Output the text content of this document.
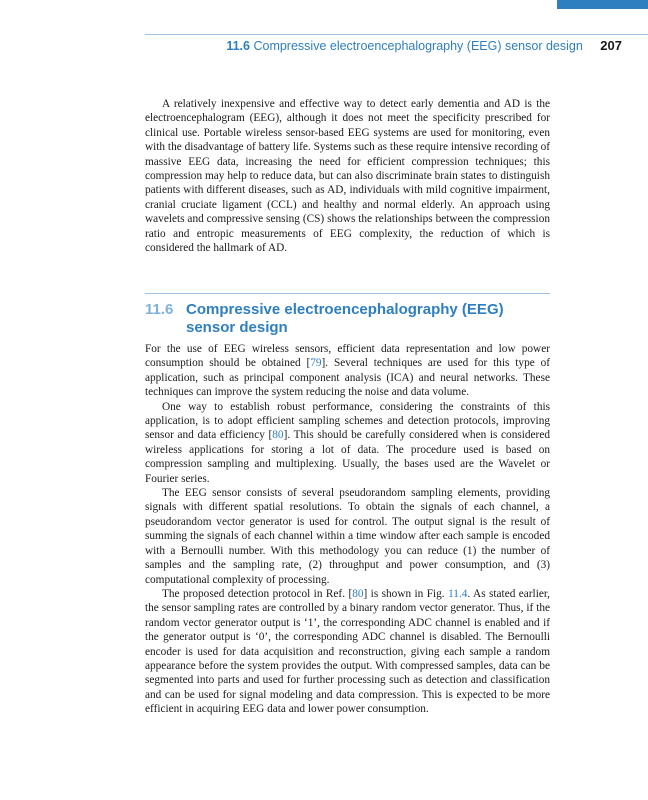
11.6 Compressive electroencephalography (EEG) sensor design 207

A relatively inexpensive and effective way to detect early dementia and AD is the electroencephalogram (EEG), although it does not meet the specificity prescribed for clinical use. Portable wireless sensor-based EEG systems are used for monitoring, even with the disadvantage of battery life. Systems such as these require intensive recording of massive EEG data, increasing the need for efficient compression techniques; this compression may help to reduce data, but can also discriminate brain states to distinguish patients with different diseases, such as AD, individuals with mild cognitive impairment, cranial cruciate ligament (CCL) and healthy and normal elderly. An approach using wavelets and compressive sensing (CS) shows the relationships between the compression ratio and entropic measurements of EEG complexity, the reduction of which is considered the hallmark of AD.

11.6 Compressive electroencephalography (EEG) sensor design

For the use of EEG wireless sensors, efficient data representation and low power consumption should be obtained [79]. Several techniques are used for this type of application, such as principal component analysis (ICA) and neural networks. These techniques can improve the system reducing the noise and data volume.

One way to establish robust performance, considering the constraints of this application, is to adopt efficient sampling schemes and detection protocols, improving sensor and data efficiency [80]. This should be carefully considered when is considered wireless applications for storing a lot of data. The procedure used is based on compression sampling and multiplexing. Usually, the bases used are the Wavelet or Fourier series.

The EEG sensor consists of several pseudorandom sampling elements, providing signals with different spatial resolutions. To obtain the signals of each channel, a pseudorandom vector generator is used for control. The output signal is the result of summing the signals of each channel within a time window after each sample is encoded with a Bernoulli number. With this methodology you can reduce (1) the number of samples and the sampling rate, (2) throughput and power consumption, and (3) computational complexity of processing.

The proposed detection protocol in Ref. [80] is shown in Fig. 11.4. As stated earlier, the sensor sampling rates are controlled by a binary random vector generator. Thus, if the random vector generator output is ‘1’, the corresponding ADC channel is enabled and if the generator output is ‘0’, the corresponding ADC channel is disabled. The Bernoulli encoder is used for data acquisition and reconstruction, giving each sample a random appearance before the system provides the output. With compressed samples, data can be segmented into parts and used for further processing such as detection and classification and can be used for signal modeling and data compression. This is expected to be more efficient in acquiring EEG data and lower power consumption.
